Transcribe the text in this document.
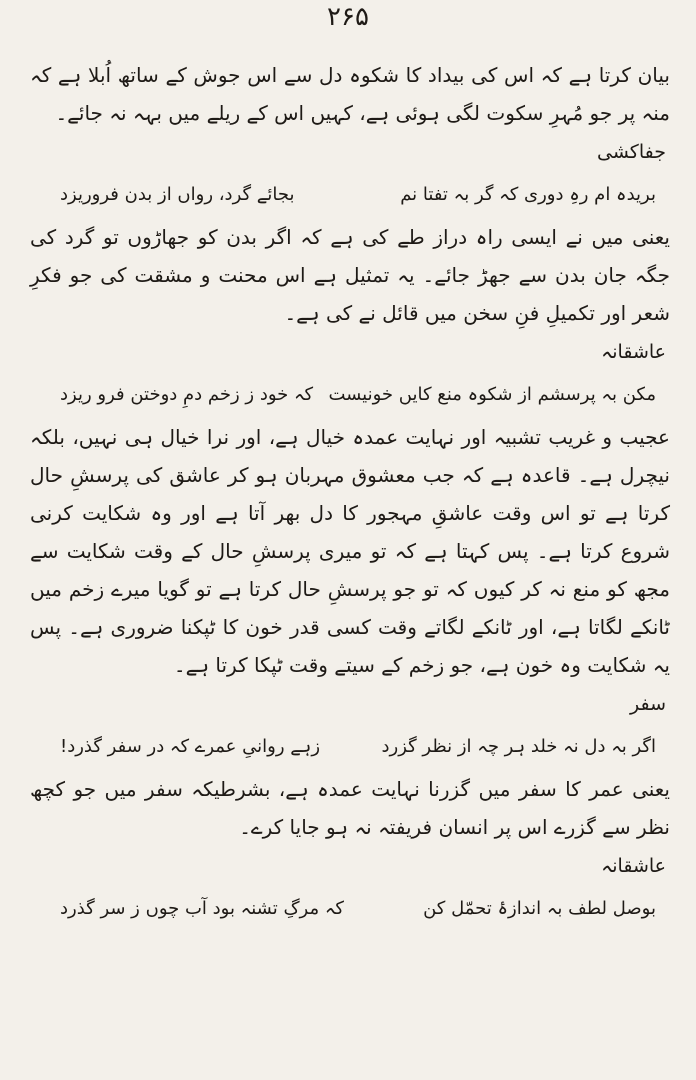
۲۶۵

بیان کرتا ہے کہ اس کی بیداد کا شکوہ دل سے اس جوش کے ساتھ اُبلا ہے کہ منہ پر جو مُہرِ سکوت لگی ہوئی ہے، کہیں اس کے ریلے میں بہہ نہ جائے۔

جفاکشی

بریدہ ام رہِ دوری کہ گر بہ تفتا نم
بجائے گرد، رواں از بدن فروریزد

یعنی میں نے ایسی راہ دراز طے کی ہے کہ اگر بدن کو جھاڑوں تو گرد کی جگہ جان بدن سے جھڑ جائے۔ یہ تمثیل ہے اس محنت و مشقت کی جو فکرِ شعر اور تکمیلِ فنِ سخن میں قائل نے کی ہے۔

عاشقانہ

مکن بہ پرسشم از شکوہ منع کایں خونیست
کہ خود ز زخم دمِ دوختن فرو ریزد

عجیب و غریب تشبیہ اور نہایت عمدہ خیال ہے، اور نرا خیال ہی نہیں، بلکہ نیچرل ہے۔ قاعدہ ہے کہ جب معشوق مہربان ہو کر عاشق کی پرسشِ حال کرتا ہے تو اس وقت عاشقِ مہجور کا دل بھر آتا ہے اور وہ شکایت کرنی شروع کرتا ہے۔ پس کہتا ہے کہ تو میری پرسشِ حال کے وقت شکایت سے مجھ کو منع نہ کر کیوں کہ تو جو پرسشِ حال کرتا ہے تو گویا میرے زخم میں ٹانکے لگاتا ہے، اور ٹانکے لگاتے وقت کسی قدر خون کا ٹپکنا ضروری ہے۔ پس یہ شکایت وہ خون ہے، جو زخم کے سیتے وقت ٹپکا کرتا ہے۔

سفر

اگر بہ دل نہ خلد ہر چہ از نظر گزرد
زہے روانیِ عمرے کہ در سفر گذرد!

یعنی عمر کا سفر میں گزرنا نہایت عمدہ ہے، بشرطیکہ سفر میں جو کچھ نظر سے گزرے اس پر انسان فریفتہ نہ ہو جایا کرے۔

عاشقانہ

بوصل لطف بہ اندازۂ تحمّل کن
کہ مرگِ تشنہ بود آب چوں ز سر گذرد
